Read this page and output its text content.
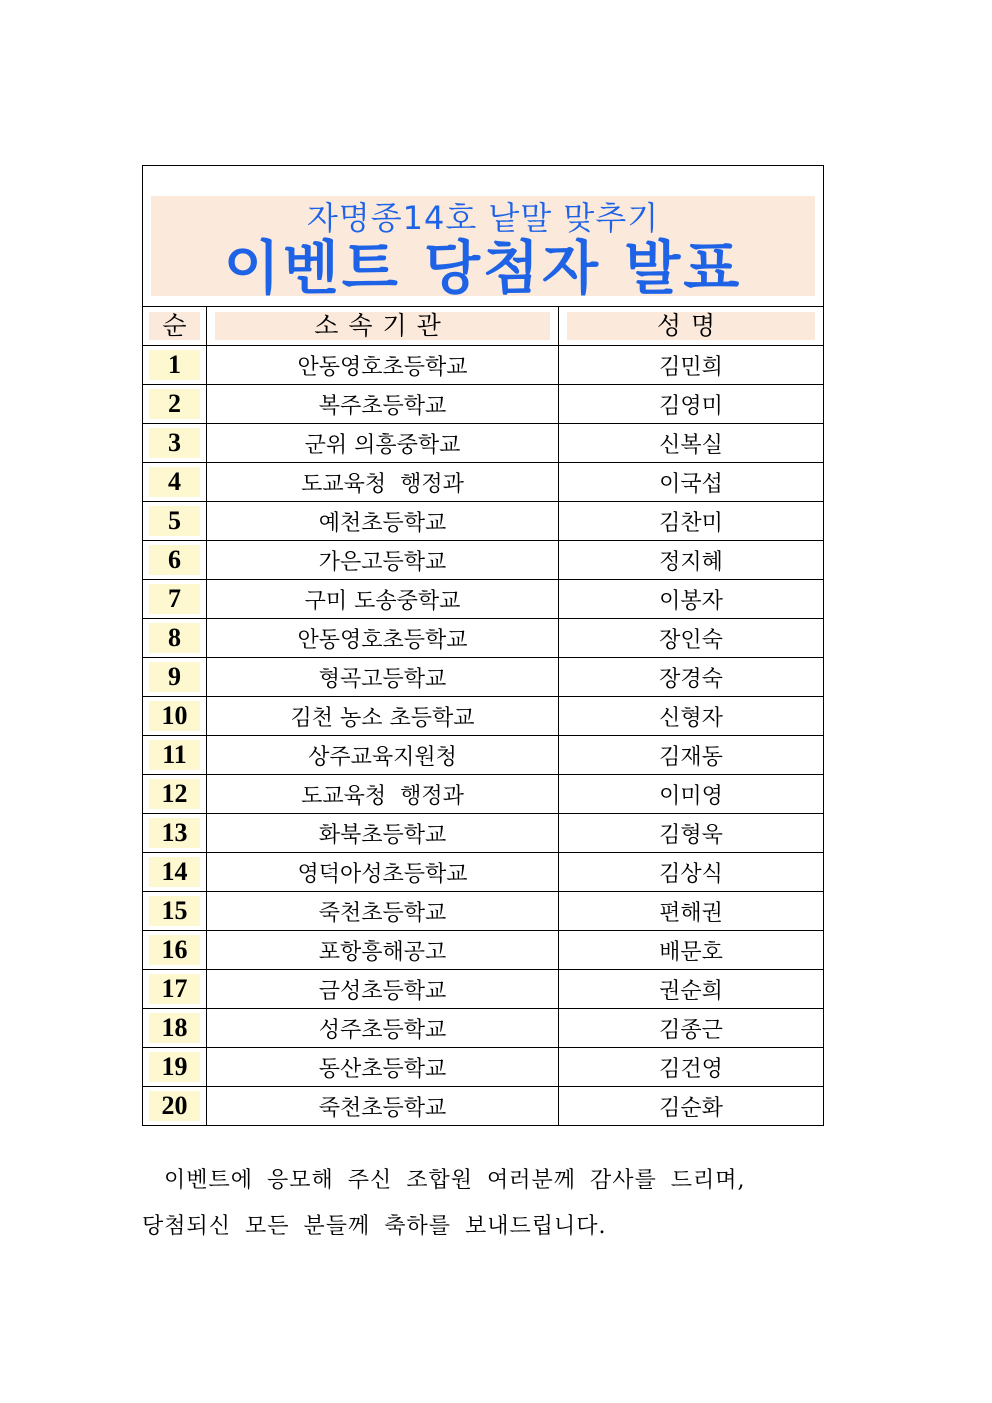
자명종14호 낱말 맞추기
이벤트 당첨자 발표		

순	소속기관	성명

1	안동영호초등학교	김민희

2	복주초등학교	김영미

3	군위 의흥중학교	신복실

4	도교육청  행정과	이국섭

5	예천초등학교	김찬미

6	가은고등학교	정지혜

7	구미 도송중학교	이봉자

8	안동영호초등학교	장인숙

9	형곡고등학교	장경숙

10	김천 농소 초등학교	신형자

11	상주교육지원청	김재동

12	도교육청  행정과	이미영

13	화북초등학교	김형욱

14	영덕아성초등학교	김상식

15	죽천초등학교	편해권

16	포항흥해공고	배문호

17	금성초등학교	권순희

18	성주초등학교	김종근

19	동산초등학교	김건영

20	죽천초등학교	김순화
이벤트에 응모해 주신 조합원 여러분께 감사를 드리며,
당첨되신 모든 분들께 축하를 보내드립니다.
